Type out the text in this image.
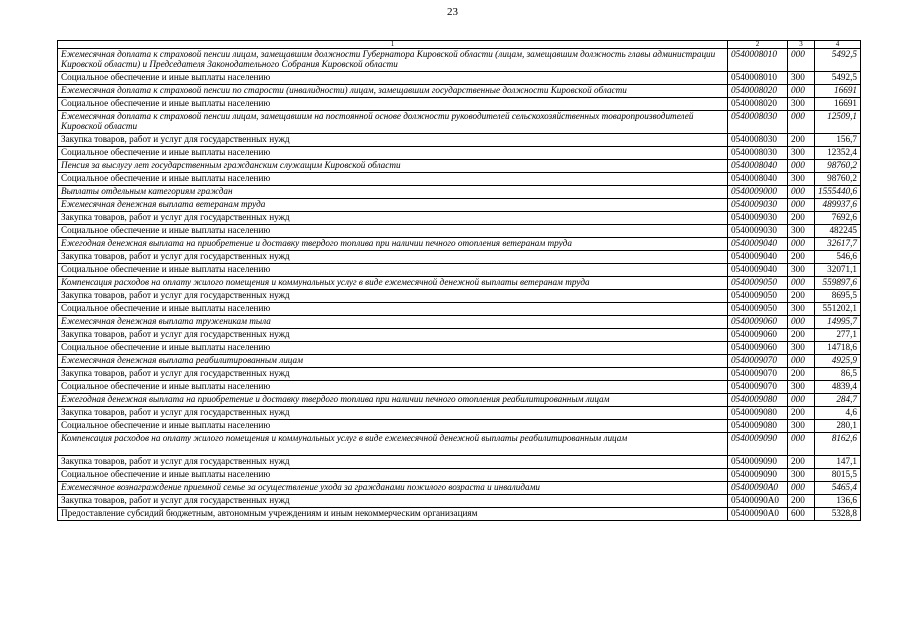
23
1	2	3	4
Ежемесячная доплата к страховой пенсии лицам, замещавшим должности Губернатора Кировской области (лицам, замещавшим должность главы администрации Кировской области) и Председателя Законодательного Собрания Кировской области	0540008010	000	5492,5
Социальное обеспечение и иные выплаты населению	0540008010	300	5492,5
Ежемесячная доплата к страховой пенсии по старости (инвалидности) лицам, замещавшим государственные должности Кировской области	0540008020	000	16691
Социальное обеспечение и иные выплаты населению	0540008020	300	16691
Ежемесячная доплата к страховой пенсии лицам, замещавшим на постоянной основе должности руководителей сельскохозяйственных товаропроизводителей Кировской области	0540008030	000	12509,1
Закупка товаров, работ и услуг для государственных нужд	0540008030	200	156,7
Социальное обеспечение и иные выплаты населению	0540008030	300	12352,4
Пенсия за выслугу лет государственным гражданским служащим Кировской области	0540008040	000	98760,2
Социальное обеспечение и иные выплаты населению	0540008040	300	98760,2
Выплаты отдельным категориям граждан	0540009000	000	1555440,6
Ежемесячная денежная выплата ветеранам труда	0540009030	000	489937,6
Закупка товаров, работ и услуг для государственных нужд	0540009030	200	7692,6
Социальное обеспечение и иные выплаты населению	0540009030	300	482245
Ежегодная денежная выплата на приобретение и доставку твердого топлива при наличии печного отопления ветеранам труда	0540009040	000	32617,7
Закупка товаров, работ и услуг для государственных нужд	0540009040	200	546,6
Социальное обеспечение и иные выплаты населению	0540009040	300	32071,1
Компенсация расходов на оплату жилого помещения и коммунальных услуг в виде ежемесячной денежной выплаты ветеранам труда	0540009050	000	559897,6
Закупка товаров, работ и услуг для государственных нужд	0540009050	200	8695,5
Социальное обеспечение и иные выплаты населению	0540009050	300	551202,1
Ежемесячная денежная выплата труженикам тыла	0540009060	000	14995,7
Закупка товаров, работ и услуг для государственных нужд	0540009060	200	277,1
Социальное обеспечение и иные выплаты населению	0540009060	300	14718,6
Ежемесячная денежная выплата реабилитированным лицам	0540009070	000	4925,9
Закупка товаров, работ и услуг для государственных нужд	0540009070	200	86,5
Социальное обеспечение и иные выплаты населению	0540009070	300	4839,4
Ежегодная денежная выплата на приобретение и доставку твердого топлива при наличии печного отопления реабилитированным лицам	0540009080	000	284,7
Закупка товаров, работ и услуг для государственных нужд	0540009080	200	4,6
Социальное обеспечение и иные выплаты населению	0540009080	300	280,1
Компенсация расходов на оплату жилого помещения и коммунальных услуг в виде ежемесячной денежной выплаты реабилитированным лицам	0540009090	000	8162,6
Закупка товаров, работ и услуг для государственных нужд	0540009090	200	147,1
Социальное обеспечение и иные выплаты населению	0540009090	300	8015,5
Ежемесячное вознаграждение приемной семье за осуществление ухода за гражданами пожилого возраста и инвалидами	05400090А0	000	5465,4
Закупка товаров, работ и услуг для государственных нужд	05400090А0	200	136,6
Предоставление субсидий бюджетным, автономным учреждениям и иным некоммерческим организациям	05400090А0	600	5328,8
